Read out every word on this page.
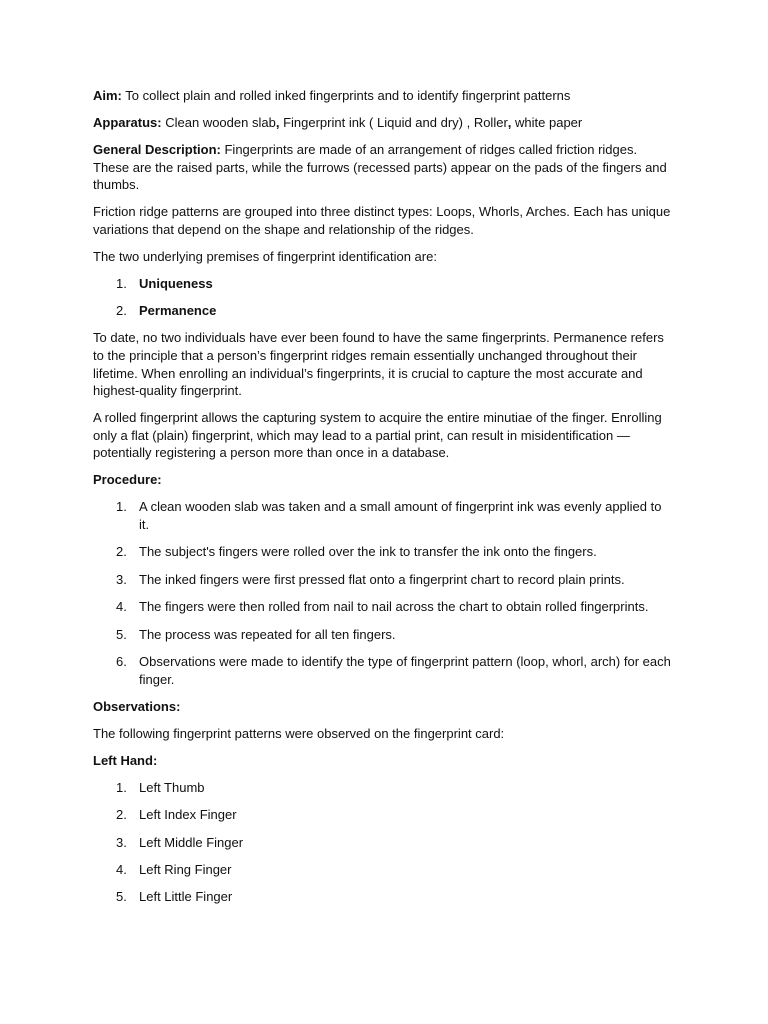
Aim: To collect plain and rolled inked fingerprints and to identify fingerprint patterns

Apparatus: Clean wooden slab, Fingerprint ink ( Liquid and dry) , Roller, white paper

General Description: Fingerprints are made of an arrangement of ridges called friction ridges. These are the raised parts, while the furrows (recessed parts) appear on the pads of the fingers and thumbs.

Friction ridge patterns are grouped into three distinct types: Loops, Whorls, Arches. Each has unique variations that depend on the shape and relationship of the ridges.

The two underlying premises of fingerprint identification are:

1. Uniqueness
2. Permanence

To date, no two individuals have ever been found to have the same fingerprints. Permanence refers to the principle that a person’s fingerprint ridges remain essentially unchanged throughout their lifetime. When enrolling an individual’s fingerprints, it is crucial to capture the most accurate and highest-quality fingerprint.

A rolled fingerprint allows the capturing system to acquire the entire minutiae of the finger. Enrolling only a flat (plain) fingerprint, which may lead to a partial print, can result in misidentification — potentially registering a person more than once in a database.

Procedure:

1. A clean wooden slab was taken and a small amount of fingerprint ink was evenly applied to it.
2. The subject's fingers were rolled over the ink to transfer the ink onto the fingers.
3. The inked fingers were first pressed flat onto a fingerprint chart to record plain prints.
4. The fingers were then rolled from nail to nail across the chart to obtain rolled fingerprints.
5. The process was repeated for all ten fingers.
6. Observations were made to identify the type of fingerprint pattern (loop, whorl, arch) for each finger.

Observations:

The following fingerprint patterns were observed on the fingerprint card:

Left Hand:

1. Left Thumb
2. Left Index Finger
3. Left Middle Finger
4. Left Ring Finger
5. Left Little Finger
